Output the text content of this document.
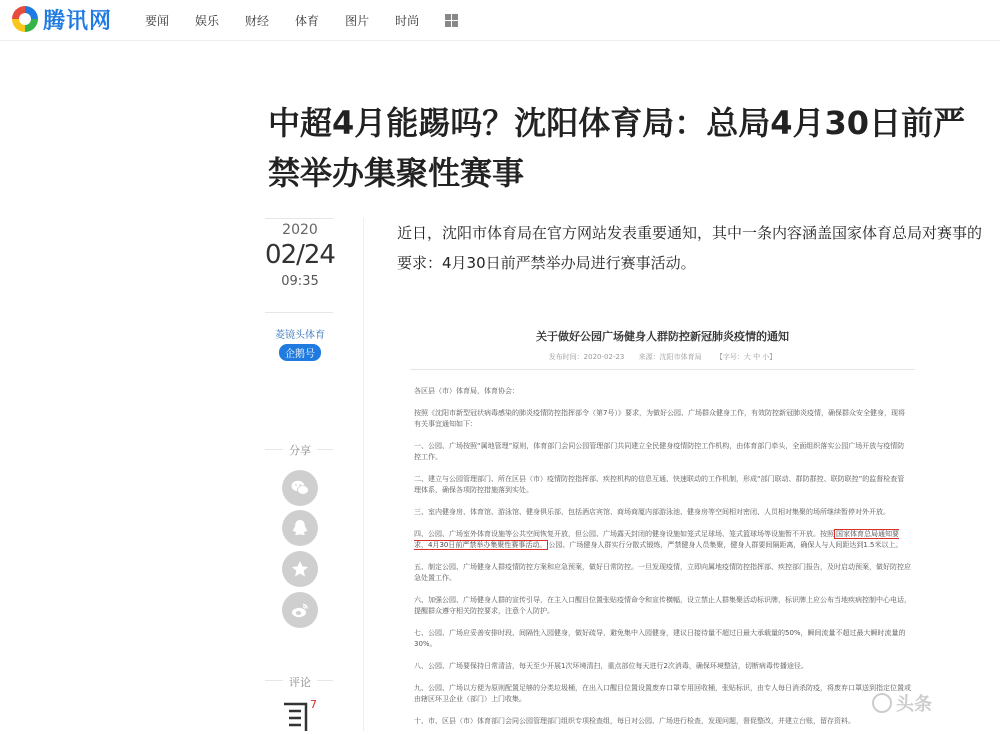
腾讯网	要闻 娱乐 财经 体育 图片 时尚
中超4月能踢吗？沈阳体育局：总局4月30日前严禁举办集聚性赛事
2020
02/24
09:35
菱镜头体育
企鹅号
分享
评论
7

近日，沈阳市体育局在官方网站发表重要通知，其中一条内容涵盖国家体育总局对赛事的要求：4月30日前严禁举办局进行赛事活动。

关于做好公园广场健身人群防控新冠肺炎疫情的通知
发布时间：2020-02-23 来源：沈阳市体育局 【字号：大 中 小】

各区县（市）体育局，体育协会：

按照《沈阳市新型冠状病毒感染的肺炎疫情防控指挥部令（第7号）》要求，为做好公园、广场群众健身工作，有效防控新冠肺炎疫情，确保群众安全健身，现将有关事宜通知如下：

一、公园、广场按照“属地管理”原则，体育部门会同公园管理部门共同建立全民健身疫情防控工作机构，由体育部门牵头，全面组织落实公园广场开放与疫情防控工作。

二、建立与公园管理部门、所在区县（市）疫情防控指挥部、疾控机构的信息互通、快速联动的工作机制，形成“部门联动、群防群控、联防联控”的监督检查管理体系，确保各项防控措施落到实处。

三、室内健身房、体育馆、游泳馆、健身俱乐部，包括酒店宾馆、商场商厦内部游泳池、健身房等空间相对密闭、人员相对集聚的场所继续暂停对外开放。

四、公园、广场室外体育设施等公共空间恢复开放，但公园、广场露天封闭的健身设施如笼式足球场、笼式篮球场等设施暂不开放。按照 国家体育总局通知要求，4月30日前严禁举办集聚性赛事活动。 公园、广场健身人群实行分散式锻炼，严禁健身人员集聚，健身人群要间隔距离，确保人与人间距达到1.5米以上。

五、制定公园、广场健身人群疫情防控方案和应急预案，做好日常防控。一旦发现疫情，立即向属地疫情防控指挥部、疾控部门报告，及时启动预案，做好防控应急处置工作。

六、加强公园、广场健身人群的宣传引导，在主入口醒目位置张贴疫情命令和宣传横幅，设立禁止人群集聚活动标识牌，标识牌上应公布当地疾病控制中心电话，提醒群众遵守相关防控要求，注意个人防护。

七、公园、广场应妥善安排时段、间隔性入园健身，做好疏导，避免集中入园健身，建议日接待量不超过日最大承载量的50%，瞬间流量不超过最大瞬时流量的30%。

八、公园、广场要保持日常清洁，每天至少开展1次环境清扫，重点部位每天进行2次消毒，确保环境整洁，切断病毒传播途径。

九、公园、广场以方便为原则配置足够的分类垃圾桶，在出入口醒目位置设置废弃口罩专用回收桶，张贴标识，由专人每日消杀防疫，将废弃口罩送到指定位置或由辖区环卫企业（部门）上门收集。

十、市、区县（市）体育部门会同公园管理部门组织专项检查组，每日对公园、广场进行检查，发现问题，督促整改，并建立台账，留存资料。

头条
